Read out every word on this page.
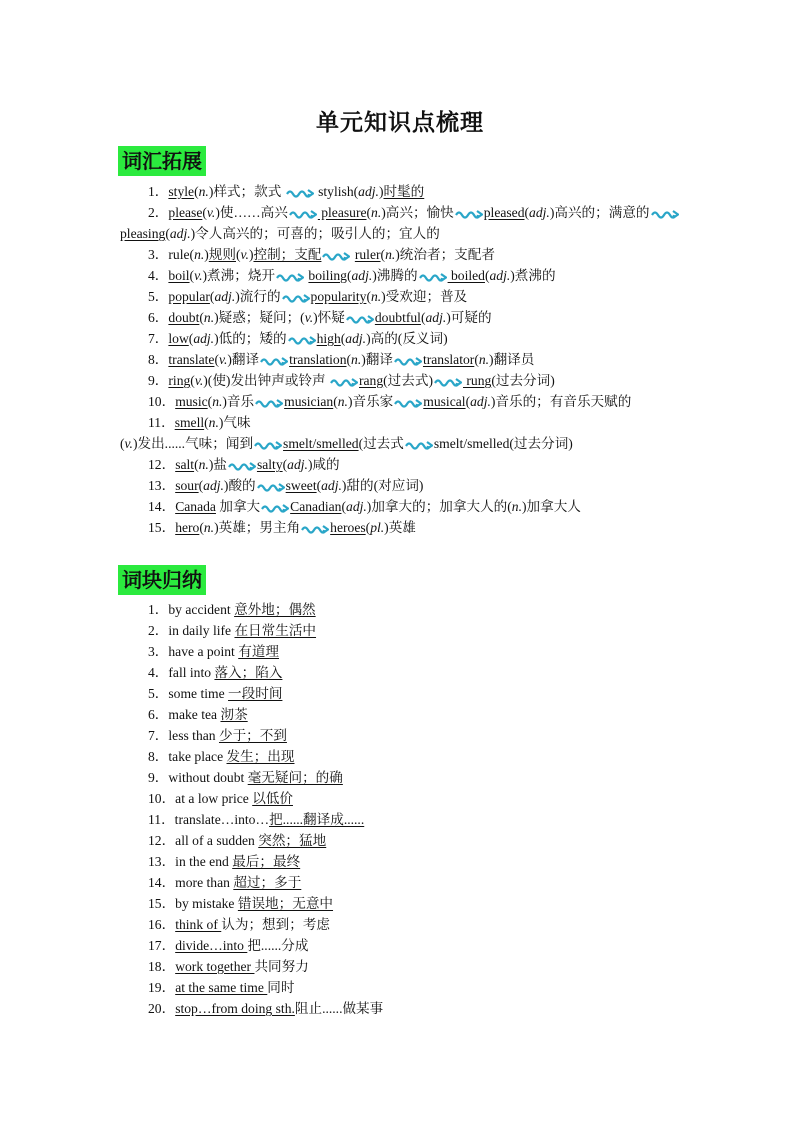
单元知识点梳理
词汇拓展
1．style(n.)样式；款式
stylish(adj.)时髦的
2．please(v.)使……高兴
pleasure(n.)高兴；愉快 pleased(adj.)高兴的；满意的
pleasing(adj.)令人高兴的；可喜的；吸引人的；宜人的
3．rule(n.)规则(v.)控制；支配 ruler(n.)统治者；支配者
4．boil(v.)煮沸；烧开 boiling(adj.)沸腾的
boiled(adj.)煮沸的
5．popular(adj.)流行的 popularity(n.)受欢迎；普及
6．doubt(n.)疑惑；疑问；(v.)怀疑 doubtful(adj.)可疑的
7．low(adj.)低的；矮的 high(adj.)高的(反义词)
8．translate(v.)翻译 translation(n.)翻译 translator(n.)翻译员
9．ring(v.)(使)发出钟声或铃声
rang(过去式)
rung(过去分词)
10．music(n.)音乐 musician(n.)音乐家 musical(adj.)音乐的；有音乐天赋的
11．smell(n.)气味
(v.)发出......气味；闻到 smelt/smelled(过去式 smelt/smelled(过去分词)
12．salt(n.)盐 salty(adj.)咸的
13．sour(adj.)酸的 sweet(adj.)甜的(对应词)
14．Canada 加拿大 Canadian(adj.)加拿大的；加拿大人的(n.)加拿大人
15．hero(n.)英雄；男主角 heroes(pl.)英雄
词块归纳
1．by accident 意外地；偶然
2．in daily life 在日常生活中
3．have a point 有道理
4．fall into 落入；陷入
5．some time 一段时间
6．make tea 沏茶
7．less than 少于；不到
8．take place 发生；出现
9．without doubt 毫无疑问；的确
10．at a low price 以低价
11．translate…into…把......翻译成......
12．all of a sudden 突然；猛地
13．in the end 最后；最终
14．more than 超过；多于
15．by mistake 错误地；无意中
16．think of 认为；想到；考虑
17．divide…into 把......分成
18．work together 共同努力
19．at the same time 同时
20．stop…from doing sth.阻止......做某事
